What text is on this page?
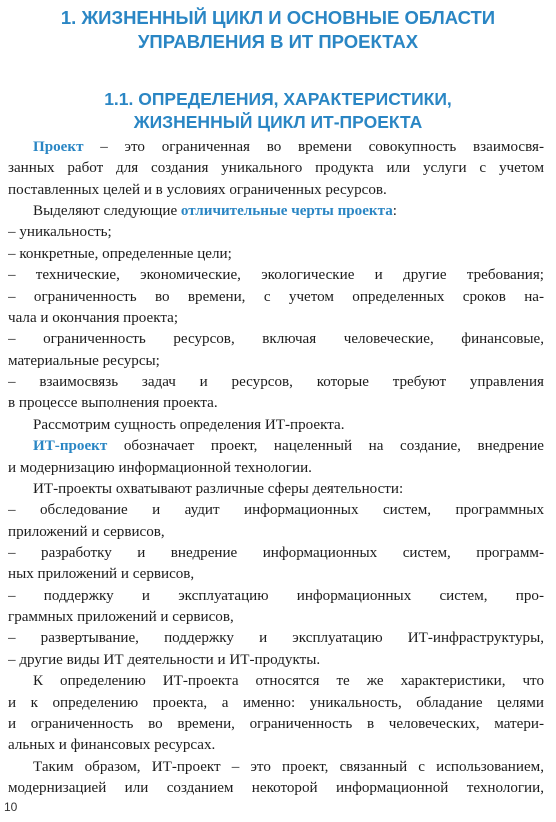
1. ЖИЗНЕННЫЙ ЦИКЛ И ОСНОВНЫЕ ОБЛАСТИ
УПРАВЛЕНИЯ В ИТ ПРОЕКТАХ
1.1. ОПРЕДЕЛЕНИЯ, ХАРАКТЕРИСТИКИ,
ЖИЗНЕННЫЙ ЦИКЛ ИТ-ПРОЕКТА
Проект – это ограниченная во времени совокупность взаимосвя-
занных работ для создания уникального продукта или услуги с учетом
поставленных целей и в условиях ограниченных ресурсов.
Выделяют следующие отличительные черты проекта:
– уникальность;
– конкретные, определенные цели;
– технические, экономические, экологические и другие требования;
– ограниченность во времени, с учетом определенных сроков на-
чала и окончания проекта;
– ограниченность ресурсов, включая человеческие, финансовые,
материальные ресурсы;
– взаимосвязь задач и ресурсов, которые требуют управления
в процессе выполнения проекта.
Рассмотрим сущность определения ИТ-проекта.
ИТ-проект обозначает проект, нацеленный на создание, внедрение
и модернизацию информационной технологии.
ИТ-проекты охватывают различные сферы деятельности:
– обследование и аудит информационных систем, программных
приложений и сервисов,
– разработку и внедрение информационных систем, программ-
ных приложений и сервисов,
– поддержку и эксплуатацию информационных систем, про-
граммных приложений и сервисов,
– развертывание, поддержку и эксплуатацию ИТ-инфраструктуры,
– другие виды ИТ деятельности и ИТ-продукты.
К определению ИТ-проекта относятся те же характеристики, что
и к определению проекта, а именно: уникальность, обладание целями
и ограниченность во времени, ограниченность в человеческих, матери-
альных и финансовых ресурсах.
10
Таким образом, ИТ-проект – это проект, связанный с использованием,
модернизацией или созданием некоторой информационной технологии,
